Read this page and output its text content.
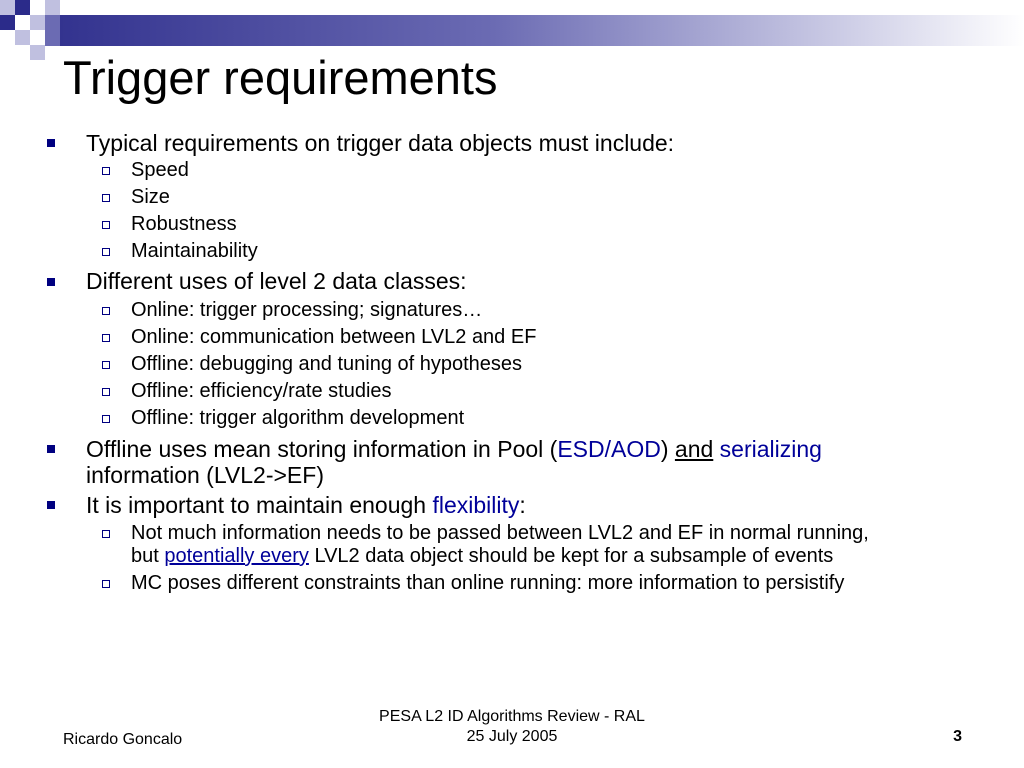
Trigger requirements
Typical requirements on trigger data objects must include:
Speed
Size
Robustness
Maintainability
Different uses of level 2 data classes:
Online: trigger processing; signatures…
Online: communication between LVL2 and EF
Offline: debugging and tuning of hypotheses
Offline: efficiency/rate studies
Offline: trigger algorithm development
Offline uses mean storing information in Pool (ESD/AOD) and serializing
information (LVL2->EF)
It is important to maintain enough flexibility:
Not much information needs to be passed between LVL2 and EF in normal running,
but potentially every LVL2 data object should be kept for a subsample of events
MC poses different constraints than online running: more information to persistify
Ricardo Goncalo
PESA L2 ID Algorithms Review - RAL
25 July 2005	3
